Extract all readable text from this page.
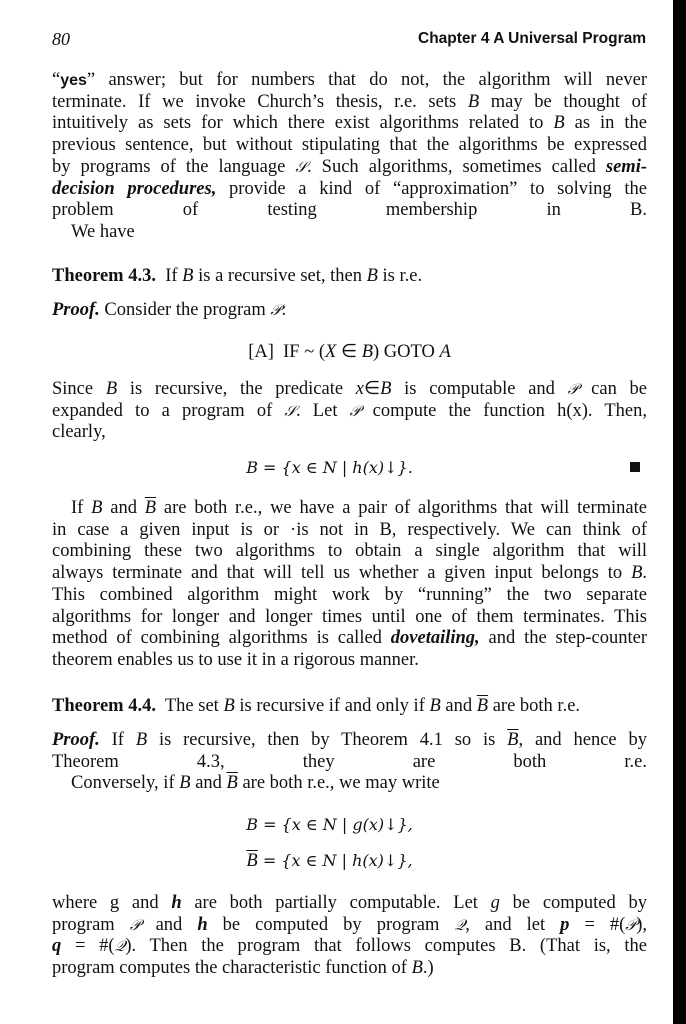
80	Chapter 4 A Universal Program
“yes” answer; but for numbers that do not, the algorithm will never
terminate. If we invoke Church’s thesis, r.e. sets B may be thought of
intuitively as sets for which there exist algorithms related to B as in the
previous sentence, but without stipulating that the algorithms be expressed
by programs of the language 𝒮. Such algorithms, sometimes called semi-
decision procedures, provide a kind of “approximation” to solving the
problem of testing membership in B.
We have
Theorem 4.3.  If B is a recursive set, then B is r.e.
Proof. Consider the program 𝒫:
[A]  IF ~ (X ∈ B) GOTO A
Since B is recursive, the predicate x∈B is computable and 𝒫 can be
expanded to a program of 𝒮. Let 𝒫 compute the function h(x). Then,
clearly,
B = {x ∈ N | h(x)↓}.
If B and $\overline{B}$ are both r.e., we have a pair of algorithms that will terminate
in case a given input is or ·is not in B, respectively. We can think of
combining these two algorithms to obtain a single algorithm that will
always terminate and that will tell us whether a given input belongs to B.
This combined algorithm might work by “running” the two separate
algorithms for longer and longer times until one of them terminates. This
method of combining algorithms is called dovetailing, and the step-counter
theorem enables us to use it in a rigorous manner.
Theorem 4.4.  The set B is recursive if and only if B and $\overline{B}$ are both r.e.
Proof. If B is recursive, then by Theorem 4.1 so is $\overline{B}$, and hence by
Theorem 4.3, they are both r.e.
Conversely, if B and $\overline{B}$ are both r.e., we may write
B = {x ∈ N | g(x)↓},
$\overline{B} = \{x$ ∈ N | h(x)↓},
where g and h are both partially computable. Let g be computed by
program 𝒫 and h be computed by program 𝒬, and let p = #(𝒫),
q = #(𝒬). Then the program that follows computes B. (That is, the
program computes the characteristic function of B.)
